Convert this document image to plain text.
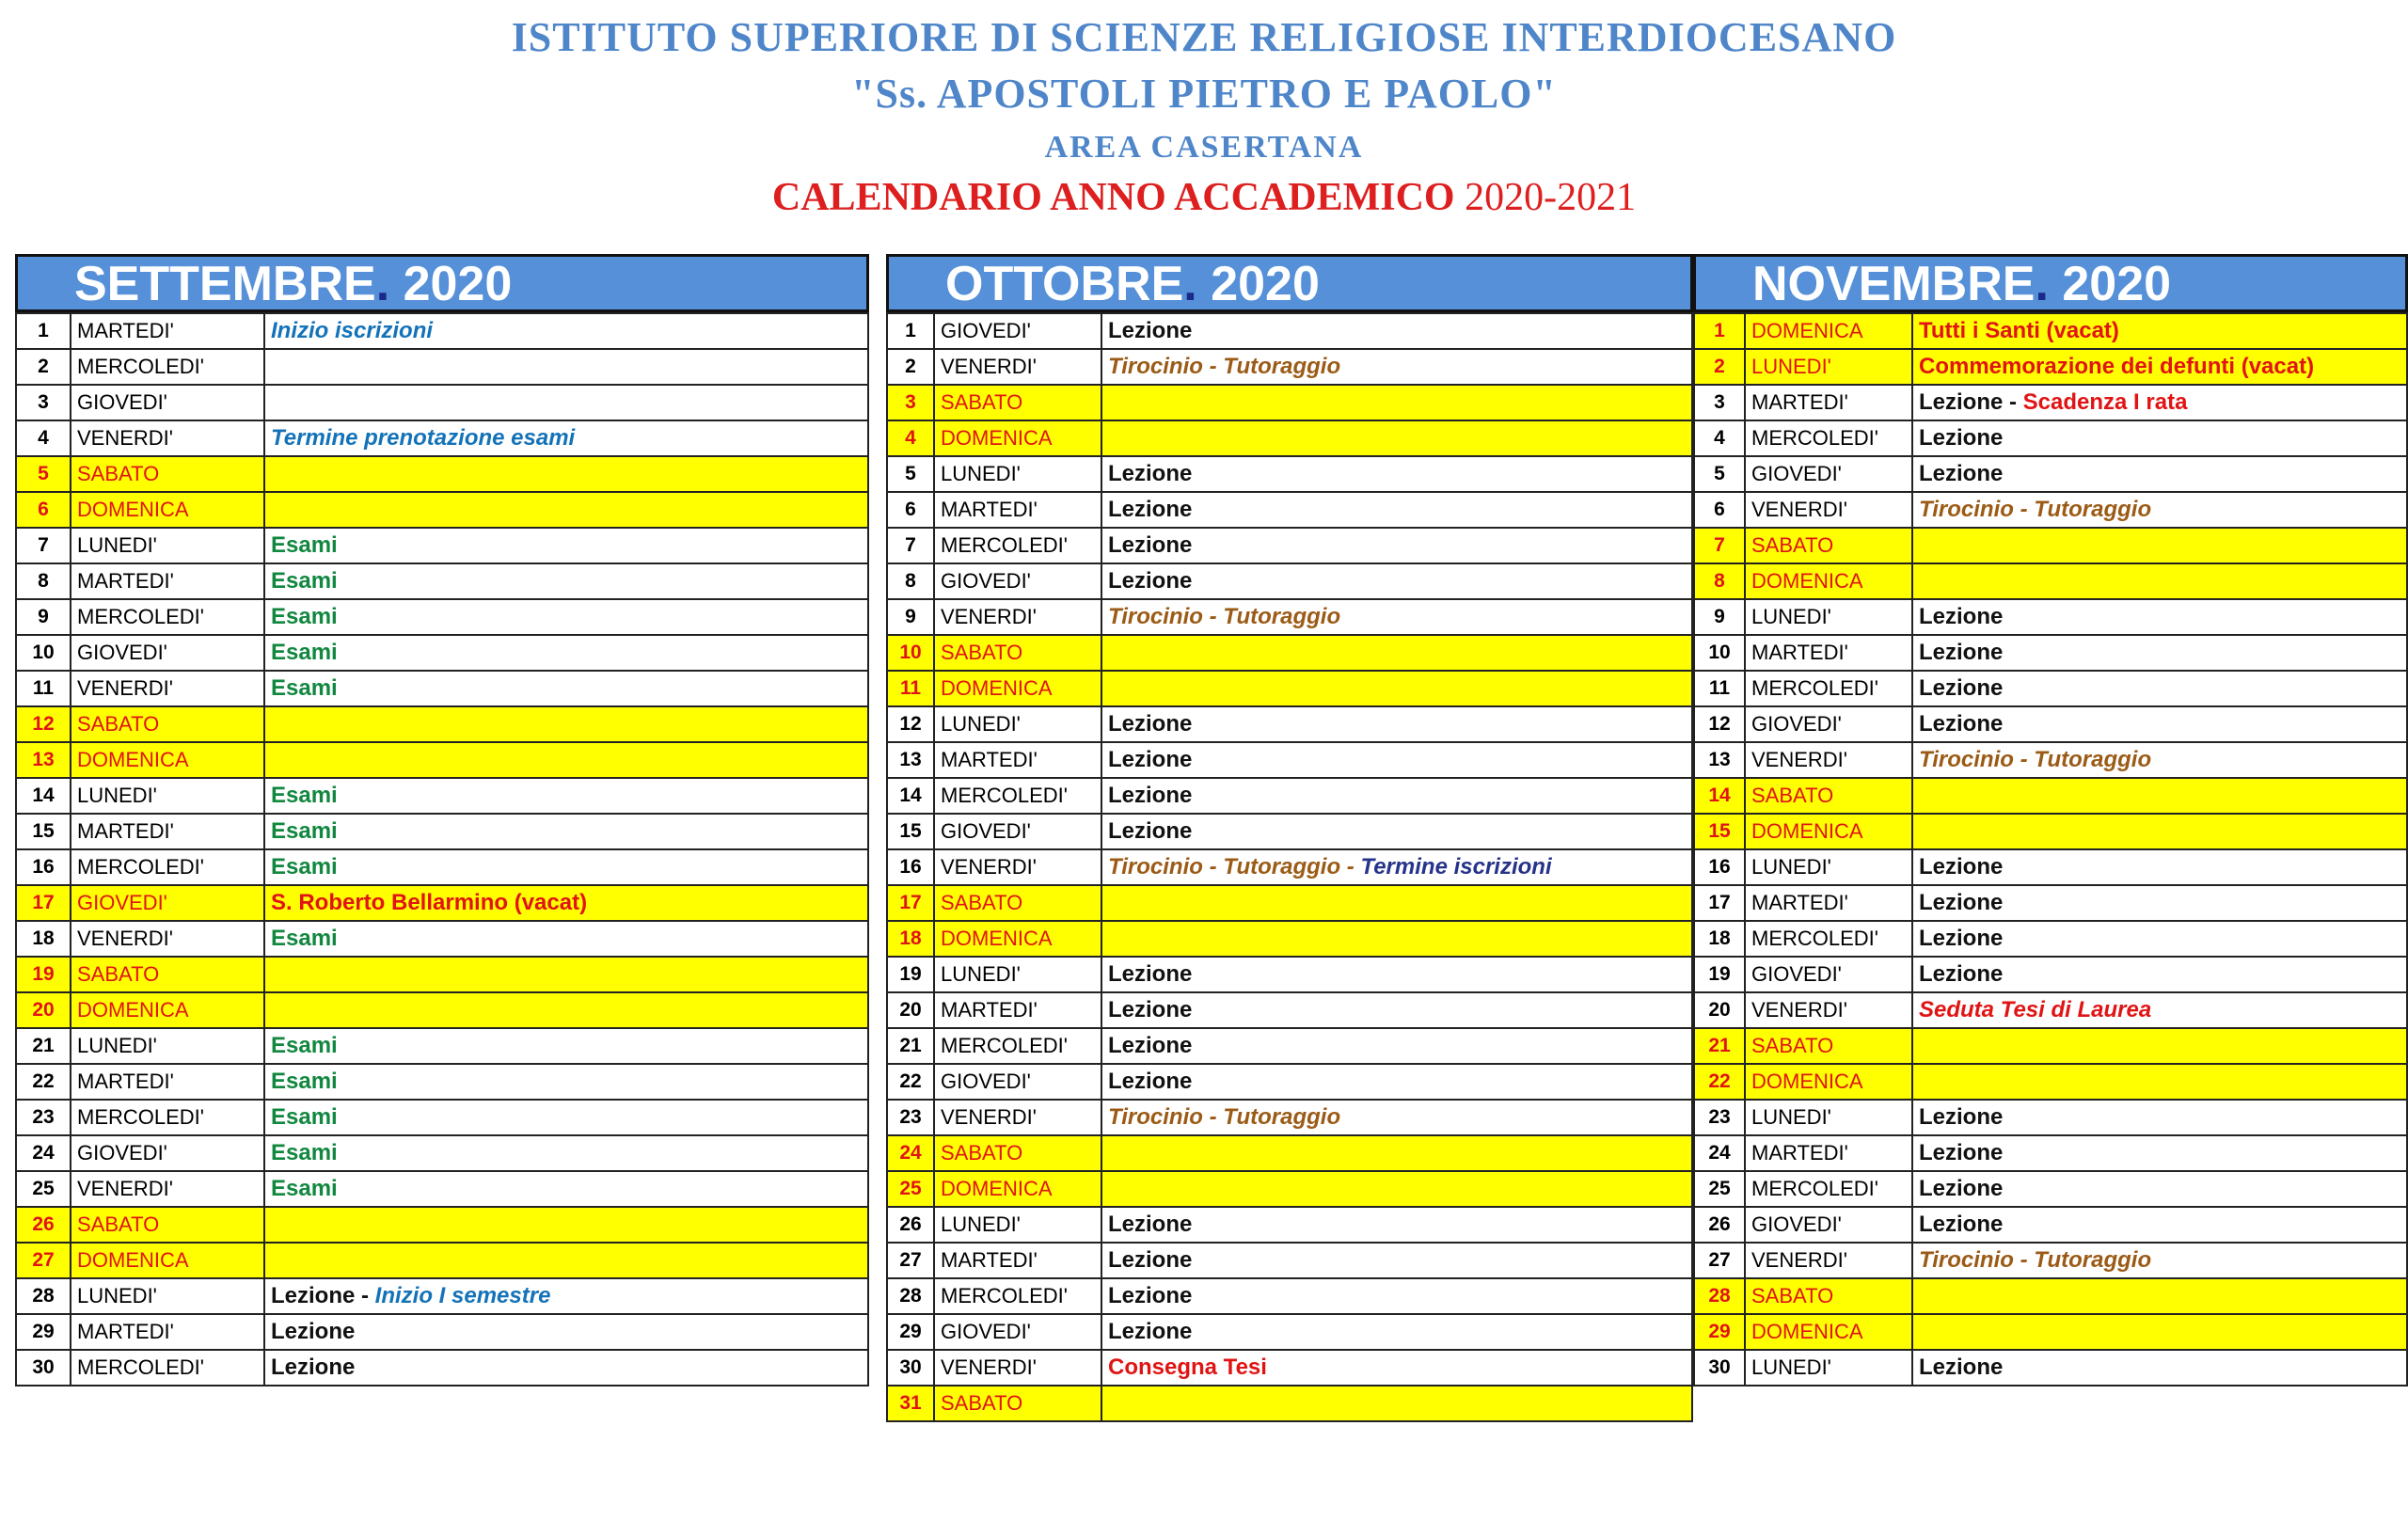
ISTITUTO SUPERIORE DI SCIENZE RELIGIOSE INTERDIOCESANO
"Ss. APOSTOLI PIETRO E PAOLO"
AREA CASERTANA
CALENDARIO ANNO ACCADEMICO 2020-2021
SETTEMBRE. 2020
1	MARTEDI'	Inizio iscrizioni
2	MERCOLEDI'	
3	GIOVEDI'	
4	VENERDI'	Termine prenotazione esami
5	SABATO	
6	DOMENICA	
7	LUNEDI'	Esami
8	MARTEDI'	Esami
9	MERCOLEDI'	Esami
10	GIOVEDI'	Esami
11	VENERDI'	Esami
12	SABATO	
13	DOMENICA	
14	LUNEDI'	Esami
15	MARTEDI'	Esami
16	MERCOLEDI'	Esami
17	GIOVEDI'	S. Roberto Bellarmino (vacat)
18	VENERDI'	Esami
19	SABATO	
20	DOMENICA	
21	LUNEDI'	Esami
22	MARTEDI'	Esami
23	MERCOLEDI'	Esami
24	GIOVEDI'	Esami
25	VENERDI'	Esami
26	SABATO	
27	DOMENICA	
28	LUNEDI'	Lezione - Inizio I semestre
29	MARTEDI'	Lezione
30	MERCOLEDI'	Lezione
OTTOBRE. 2020
1	GIOVEDI'	Lezione
2	VENERDI'	Tirocinio - Tutoraggio
3	SABATO	
4	DOMENICA	
5	LUNEDI'	Lezione
6	MARTEDI'	Lezione
7	MERCOLEDI'	Lezione
8	GIOVEDI'	Lezione
9	VENERDI'	Tirocinio - Tutoraggio
10	SABATO	
11	DOMENICA	
12	LUNEDI'	Lezione
13	MARTEDI'	Lezione
14	MERCOLEDI'	Lezione
15	GIOVEDI'	Lezione
16	VENERDI'	Tirocinio - Tutoraggio - Termine iscrizioni
17	SABATO	
18	DOMENICA	
19	LUNEDI'	Lezione
20	MARTEDI'	Lezione
21	MERCOLEDI'	Lezione
22	GIOVEDI'	Lezione
23	VENERDI'	Tirocinio - Tutoraggio
24	SABATO	
25	DOMENICA	
26	LUNEDI'	Lezione
27	MARTEDI'	Lezione
28	MERCOLEDI'	Lezione
29	GIOVEDI'	Lezione
30	VENERDI'	Consegna Tesi
31	SABATO	
NOVEMBRE. 2020
1	DOMENICA	Tutti i Santi (vacat)
2	LUNEDI'	Commemorazione dei defunti (vacat)
3	MARTEDI'	Lezione - Scadenza I rata
4	MERCOLEDI'	Lezione
5	GIOVEDI'	Lezione
6	VENERDI'	Tirocinio - Tutoraggio
7	SABATO	
8	DOMENICA	
9	LUNEDI'	Lezione
10	MARTEDI'	Lezione
11	MERCOLEDI'	Lezione
12	GIOVEDI'	Lezione
13	VENERDI'	Tirocinio - Tutoraggio
14	SABATO	
15	DOMENICA	
16	LUNEDI'	Lezione
17	MARTEDI'	Lezione
18	MERCOLEDI'	Lezione
19	GIOVEDI'	Lezione
20	VENERDI'	Seduta Tesi di Laurea
21	SABATO	
22	DOMENICA	
23	LUNEDI'	Lezione
24	MARTEDI'	Lezione
25	MERCOLEDI'	Lezione
26	GIOVEDI'	Lezione
27	VENERDI'	Tirocinio - Tutoraggio
28	SABATO	
29	DOMENICA	
30	LUNEDI'	Lezione
